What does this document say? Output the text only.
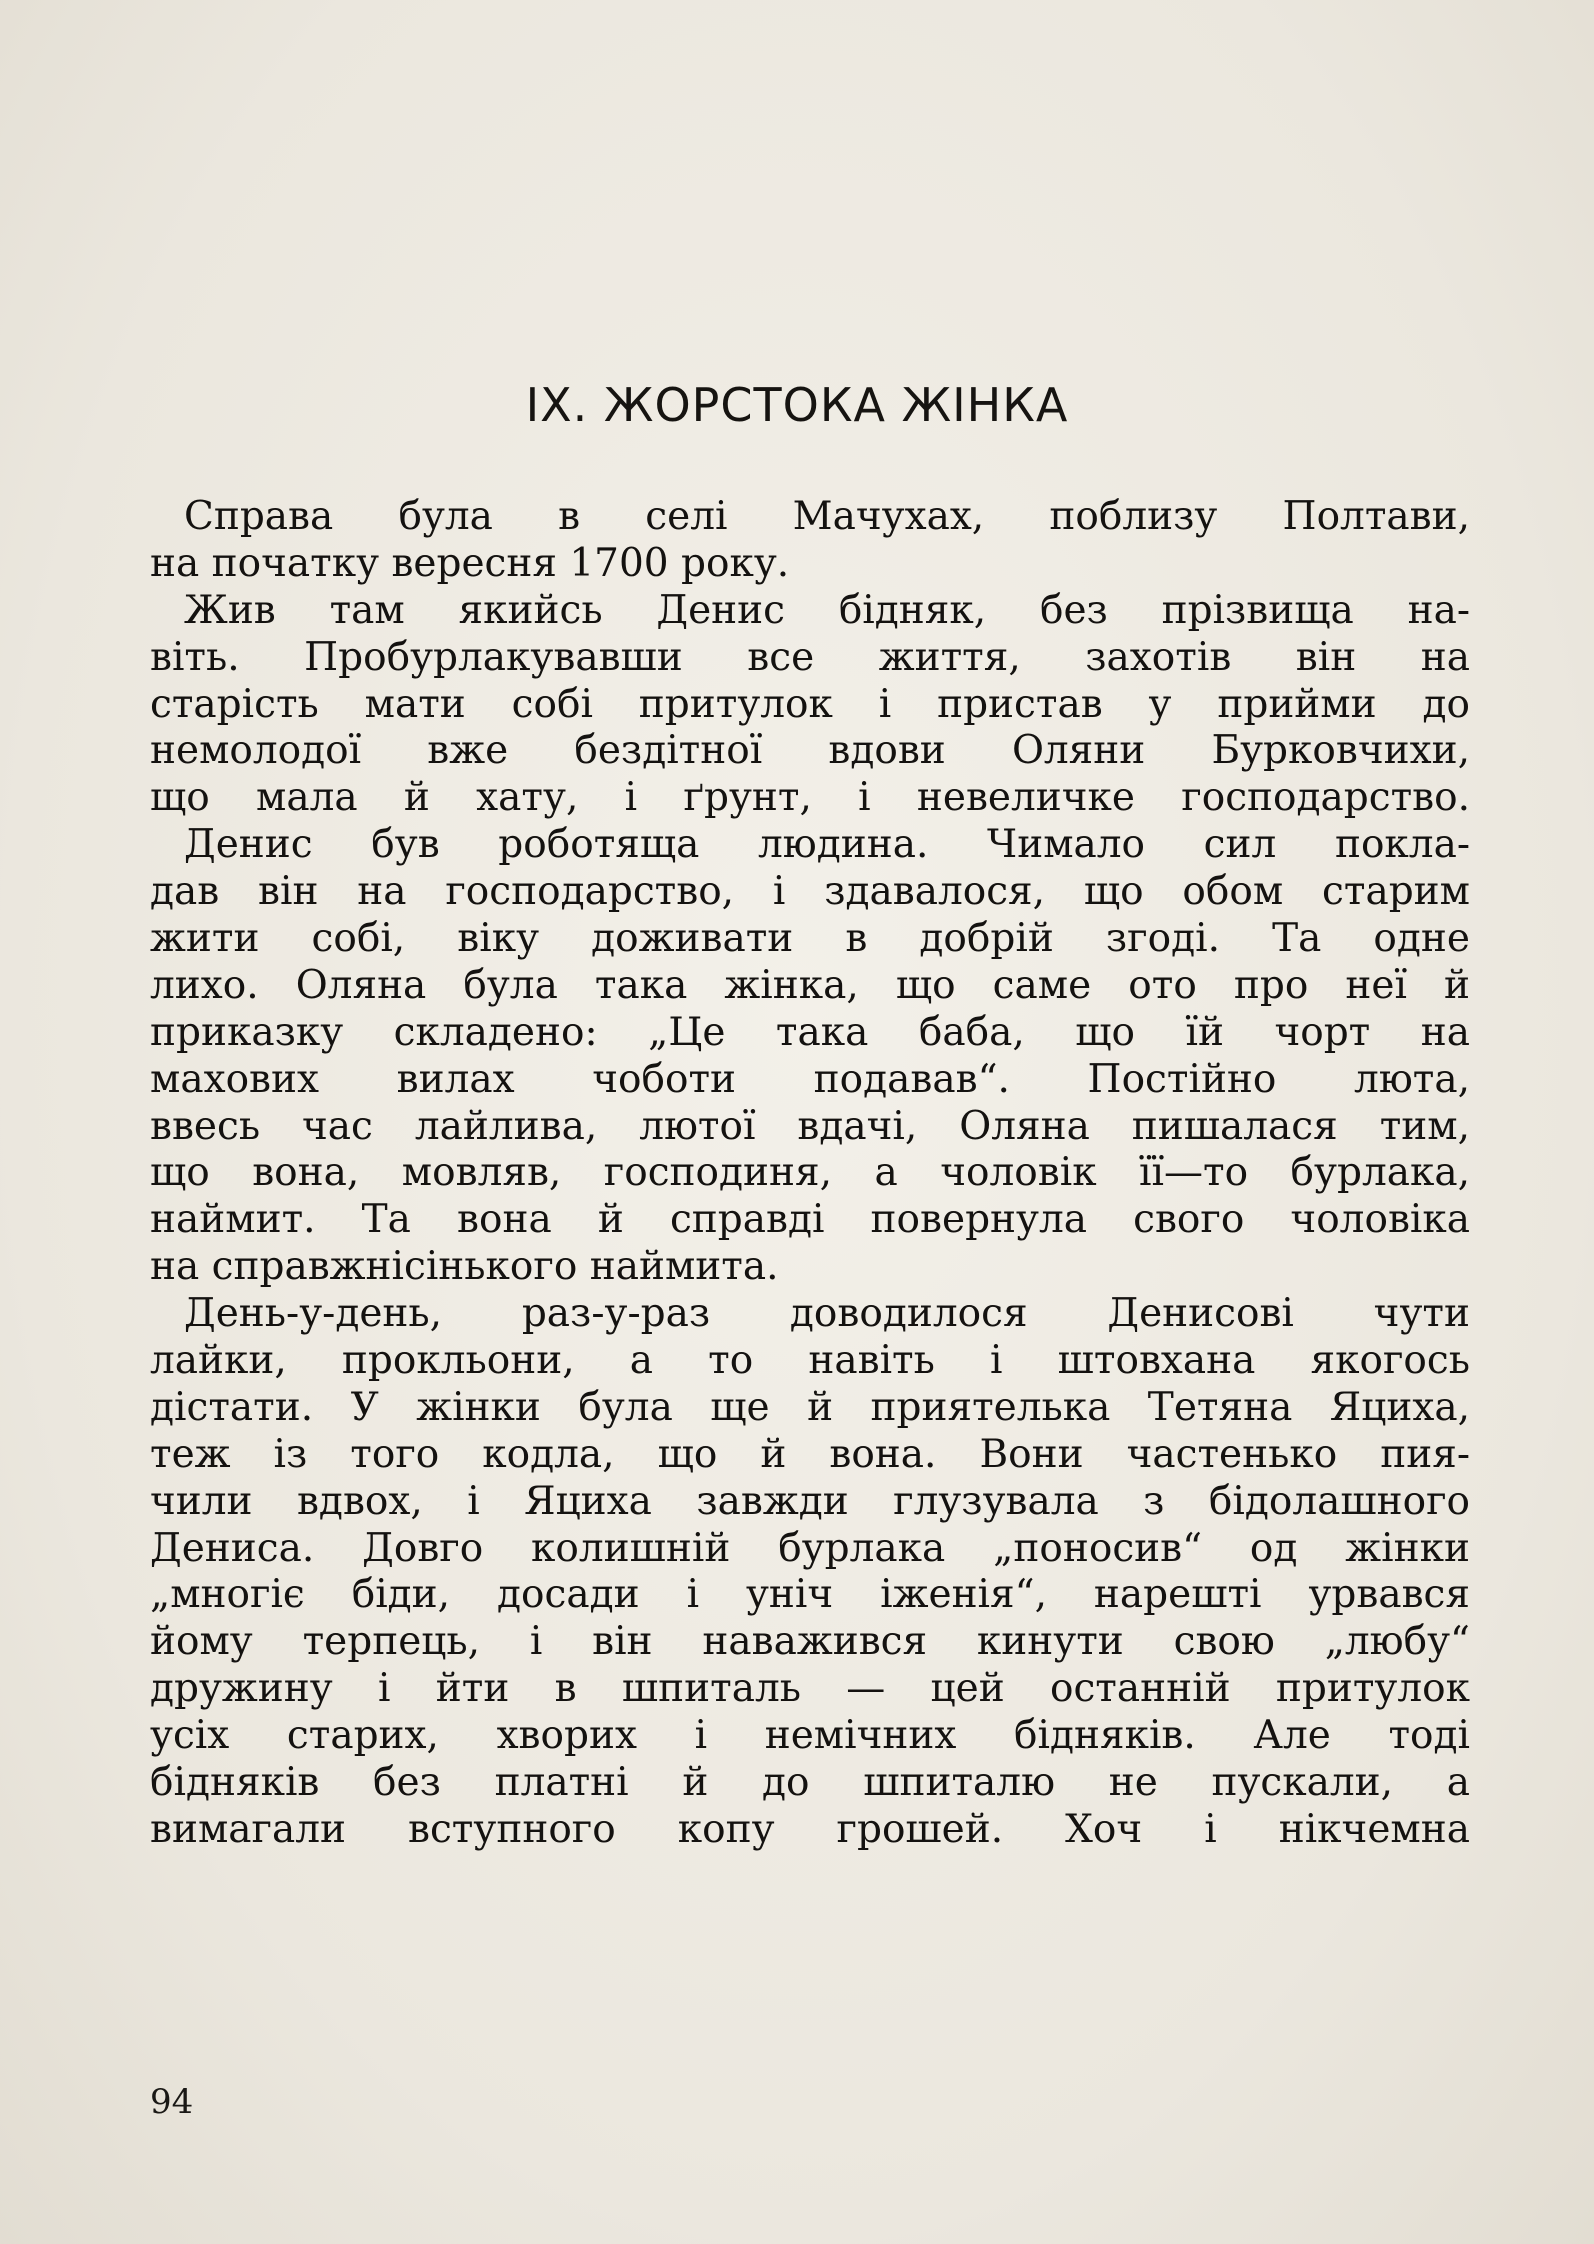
IX. ЖОРСТОКА ЖІНКА
Справа була в селі Мачухах, поблизу Полтави,
на початку вересня 1700 року.
Жив там якийсь Денис бідняк, без прізвища на-
віть. Пробурлакувавши все життя, захотів він на
старість мати собі притулок і пристав у прийми до
немолодої вже бездітної вдови Оляни Бурковчихи,
що мала й хату, і ґрунт, і невеличке господарство.
Денис був роботяща людина. Чимало сил покла-
дав він на господарство, і здавалося, що обом старим
жити собі, віку доживати в добрій згоді. Та одне
лихо. Оляна була така жінка, що саме ото про неї й
приказку складено: „Це така баба, що їй чорт на
махових вилах чоботи подавав“. Постійно люта,
ввесь час лайлива, лютої вдачі, Оляна пишалася тим,
що вона, мовляв, господиня, а чоловік її—то бурлака,
наймит. Та вона й справді повернула свого чоловіка
на справжнісінького наймита.
День-у-день, раз-у-раз доводилося Денисові чути
лайки, прокльони, а то навіть і штовхана якогось
дістати. У жінки була ще й приятелька Тетяна Яциха,
теж із того кодла, що й вона. Вони частенько пия-
чили вдвох, і Яциха завжди глузувала з бідолашного
Дениса. Довго колишній бурлака „поносив“ од жінки
„многіє біди, досади і уніч іженія“, нарешті урвався
йому терпець, і він наважився кинути свою „любу“
дружину і йти в шпиталь — цей останній притулок
усіх старих, хворих і немічних бідняків. Але тоді
бідняків без платні й до шпиталю не пускали, а
вимагали вступного копу грошей. Хоч і нікчемна
94
